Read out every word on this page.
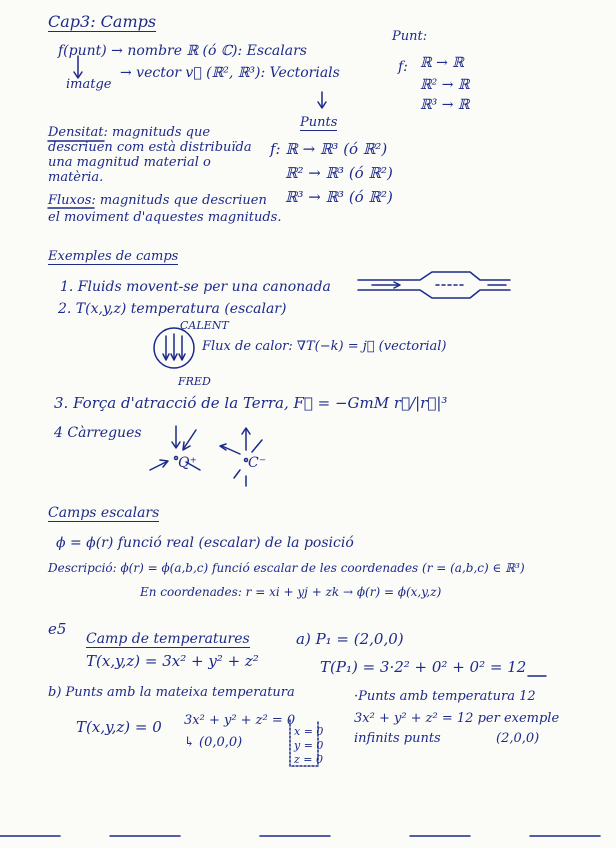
Cap3: Camps
f(punt) → nombre ℝ (ó ℂ): Escalars
imatge
→ vector v⃗ (ℝ², ℝ³): Vectorials
Punt:
f: ℝ → ℝ
ℝ² → ℝ
ℝ³ → ℝ
Densitat: magnituds que
descriuen com està distribuïda
una magnitud material o
matèria.
Fluxos: magnituds que descriuen
el moviment d'aquestes magnituds.
Punts
f: ℝ → ℝ³ (ó ℝ²)
ℝ² → ℝ³ (ó ℝ²)
ℝ³ → ℝ³ (ó ℝ²)
Exemples de camps
1. Fluids movent-se per una canonada
2. T(x,y,z) temperatura (escalar)
CALENT
Flux de calor: ∇T(−k) = j⃗ (vectorial)
FRED
3. Força d'atracció de la Terra, F⃗ = −GmM r⃗/|r⃗|³
4 Càrregues
Q⁺	C⁻
Camps escalars
ϕ = ϕ(r) funció real (escalar) de la posició
Descripció: ϕ(r) = ϕ(a,b,c) funció escalar de les coordenades (r = (a,b,c) ∈ ℝ³)
En coordenades: r = xi + yj + zk → ϕ(r) = ϕ(x,y,z)
e5
Camp de temperatures
T(x,y,z) = 3x² + y² + z²
a) P₁ = (2,0,0)
T(P₁) = 3·2² + 0² + 0² = 12
b) Punts amb la mateixa temperatura
T(x,y,z) = 0 3x² + y² + z² = 0
↳ (0,0,0)
x = 0
y = 0
z = 0
·Punts amb temperatura 12
3x² + y² + z² = 12 per exemple
infinits punts	(2,0,0)
